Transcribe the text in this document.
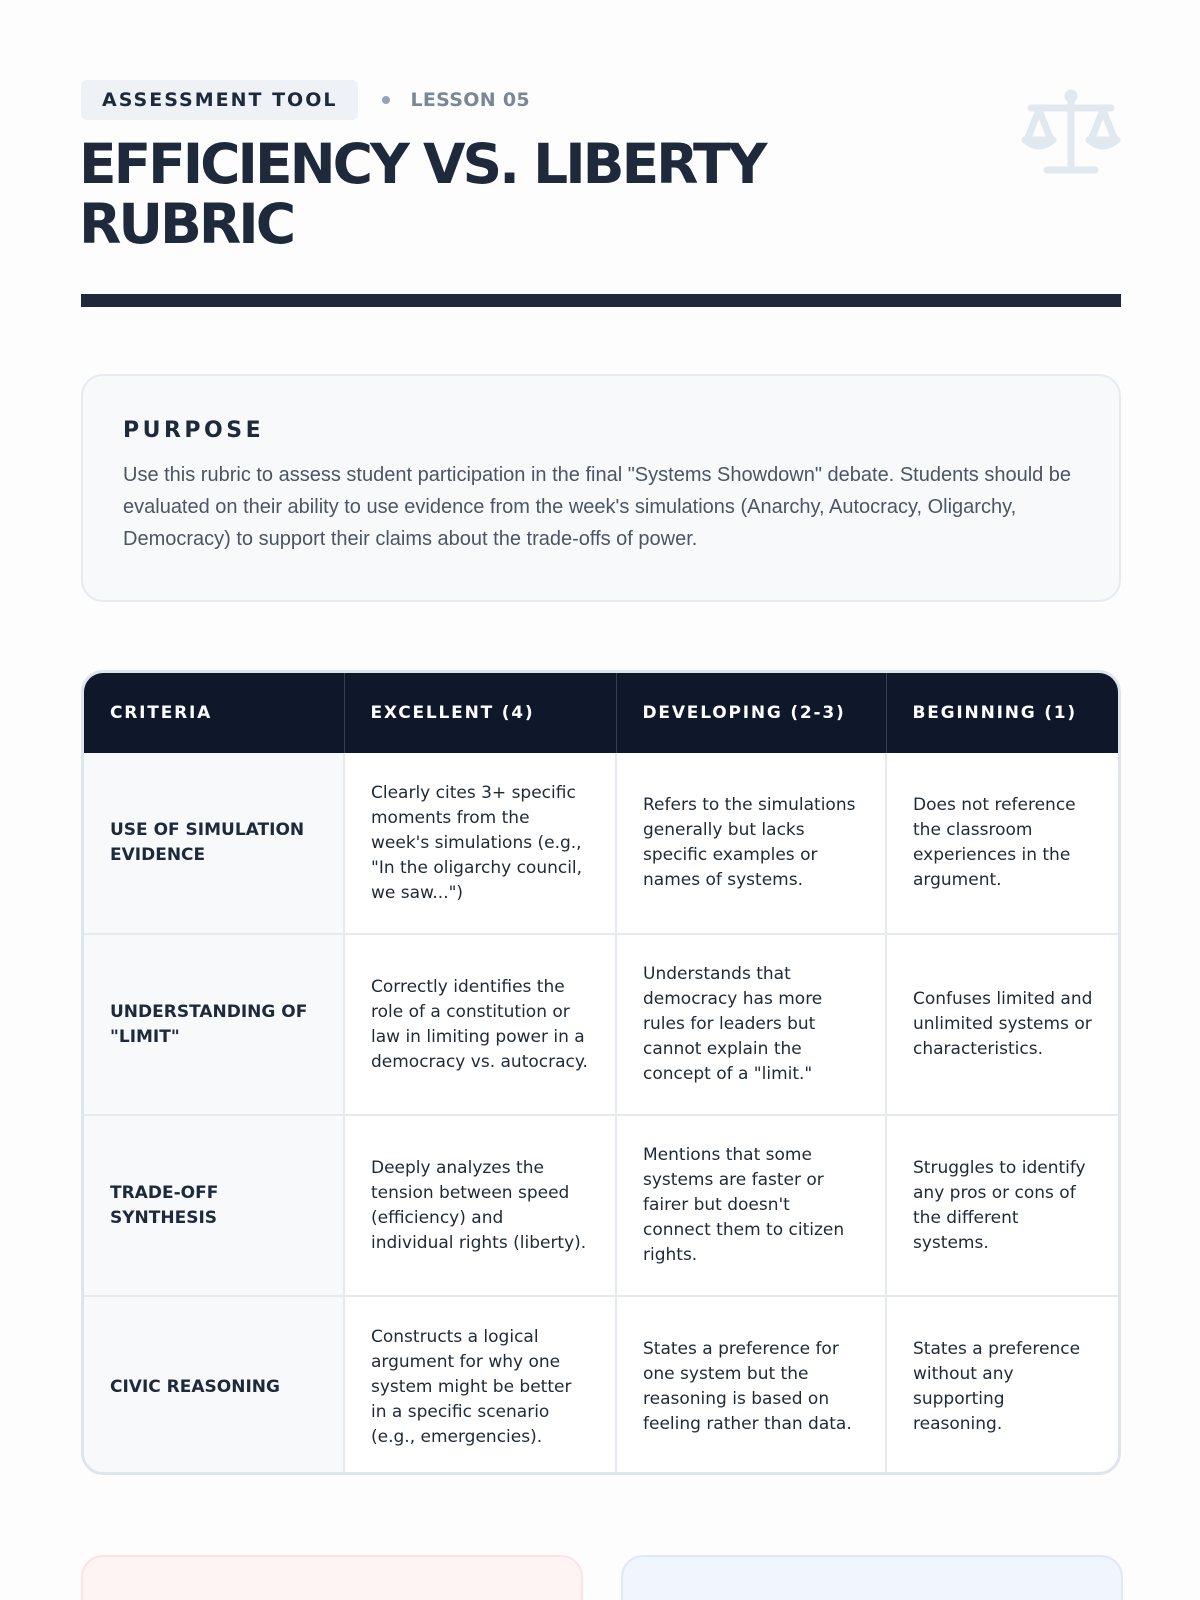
ASSESSMENT TOOL	LESSON 05
EFFICIENCY VS. LIBERTY RUBRIC
PURPOSE

Use this rubric to assess student participation in the final "Systems Showdown" debate. Students should be evaluated on their ability to use evidence from the week's simulations (Anarchy, Autocracy, Oligarchy, Democracy) to support their claims about the trade-offs of power.

CRITERIA	EXCELLENT (4)	DEVELOPING (2-3)	BEGINNING (1)
USE OF SIMULATION EVIDENCE	Clearly cites 3+ specific moments from the week's simulations (e.g., "In the oligarchy council, we saw...")	Refers to the simulations generally but lacks specific examples or names of systems.	Does not reference the classroom experiences in the argument.
UNDERSTANDING OF "LIMIT"	Correctly identifies the role of a constitution or law in limiting power in a democracy vs. autocracy.	Understands that democracy has more rules for leaders but cannot explain the concept of a "limit."	Confuses limited and unlimited systems or characteristics.
TRADE-OFF SYNTHESIS	Deeply analyzes the tension between speed (efficiency) and individual rights (liberty).	Mentions that some systems are faster or fairer but doesn't connect them to citizen rights.	Struggles to identify any pros or cons of the different systems.
CIVIC REASONING	Constructs a logical argument for why one system might be better in a specific scenario (e.g., emergencies).	States a preference for one system but the reasoning is based on feeling rather than data.	States a preference without any supporting reasoning.
